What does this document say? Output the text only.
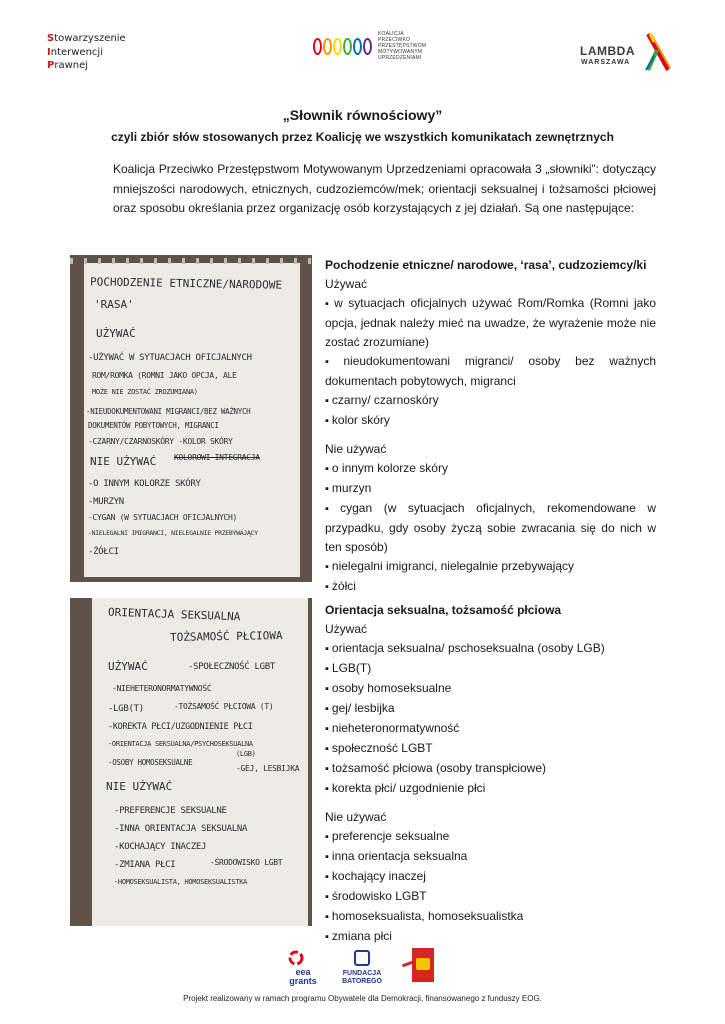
Stowarzyszenie
Interwencji
Prawnej
KOALICJA
PRZECIWKO
PRZESTĘPSTWOM
MOTYWOWANYM
UPRZEDZENIAMI	LAMBDA
WARSZAWA
„Słownik równościowy”
czyli zbiór słów stosowanych przez Koalicję we wszystkich komunikatach zewnętrznych

Koalicja Przeciwko Przestępstwom Motywowanym Uprzedzeniami opracowała 3 „słowniki”: dotyczący mniejszości narodowych, etnicznych, cudzoziemców/mek; orientacji seksualnej i tożsamości płciowej oraz sposobu określania przez organizację osób korzystających z jej działań. Są one następujące:

POCHODZENIE ETNICZNE/NARODOWE
'RASA'
UŻYWAĆ
-UŻYWAĆ W SYTUACJACH OFICJALNYCH
ROM/ROMKA (ROMNI JAKO OPCJA, ALE
MOŻE NIE ZOSTAĆ ZROZUMIANA)
-NIEUDOKUMENTOWANI MIGRANCI/BEZ WAŻNYCH
DOKUMENTÓW POBYTOWYCH, MIGRANCI
-CZARNY/CZARNOSKÓRY -KOLOR SKÓRY
NIE UŻYWAĆ KOLOROWI INTEGRACJA
-O INNYM KOLORZE SKÓRY
-MURZYN
-CYGAN (W SYTUACJACH OFICJALNYCH)
-NIELEGALNI IMIGRANCI, NIELEGALNIE PRZEBYWAJĄCY
-ŻÓŁCI
Pochodzenie etniczne/ narodowe, ‘rasa’, cudzoziemcy/ki
Używać
▪ w sytuacjach oficjalnych używać Rom/Romka (Romni jako opcja, jednak należy mieć na uwadze, że wyrażenie może nie zostać zrozumiane)
▪ nieudokumentowani migranci/ osoby bez ważnych dokumentach pobytowych, migranci
▪ czarny/ czarnoskóry
▪ kolor skóry
Nie używać
▪ o innym kolorze skóry
▪ murzyn
▪ cygan (w sytuacjach oficjalnych, rekomendowane w przypadku, gdy osoby życzą sobie zwracania się do nich w ten sposób)
▪ nielegalni imigranci, nielegalnie przebywający
▪ żółci
ORIENTACJA SEKSUALNA
TOŻSAMOŚĆ PŁCIOWA
UŻYWAĆ	-SPOŁECZNOŚĆ LGBT
-NIEHETERONORMATYWNOŚĆ
-LGB(T)	-TOŻSAMOŚĆ PŁCIOWA (T)
-KOREKTA PŁCI/UZGODNIENIE PŁCI
-ORIENTACJA SEKSUALNA/PSYCHOSEKSUALNA
(LGB)
-OSOBY HOMOSEKSUALNE
-GEJ, LESBIJKA
NIE UŻYWAĆ
-PREFERENCJE SEKSUALNE
-INNA ORIENTACJA SEKSUALNA
-KOCHAJĄCY INACZEJ
-ZMIANA PŁCI	-ŚRODOWISKO LGBT
-HOMOSEKSUALISTA, HOMOSEKSUALISTKA
Orientacja seksualna, tożsamość płciowa
Używać
▪ orientacja seksualna/ pschoseksualna (osoby LGB)
▪ LGB(T)
▪ osoby homoseksualne
▪ gej/ lesbijka
▪ nieheteronormatywność
▪ społeczność LGBT
▪ tożsamość płciowa (osoby transpłciowe)
▪ korekta płci/ uzgodnienie płci
Nie używać
▪ preferencje seksualne
▪ inna orientacja seksualna
▪ kochający inaczej
▪ środowisko LGBT
▪ homoseksualista, homoseksualistka
▪ zmiana płci
eea grants
FUNDACJA
BATOREGO
Projekt realizowany w ramach programu Obywatele dla Demokracji, finansowanego z funduszy EOG.
